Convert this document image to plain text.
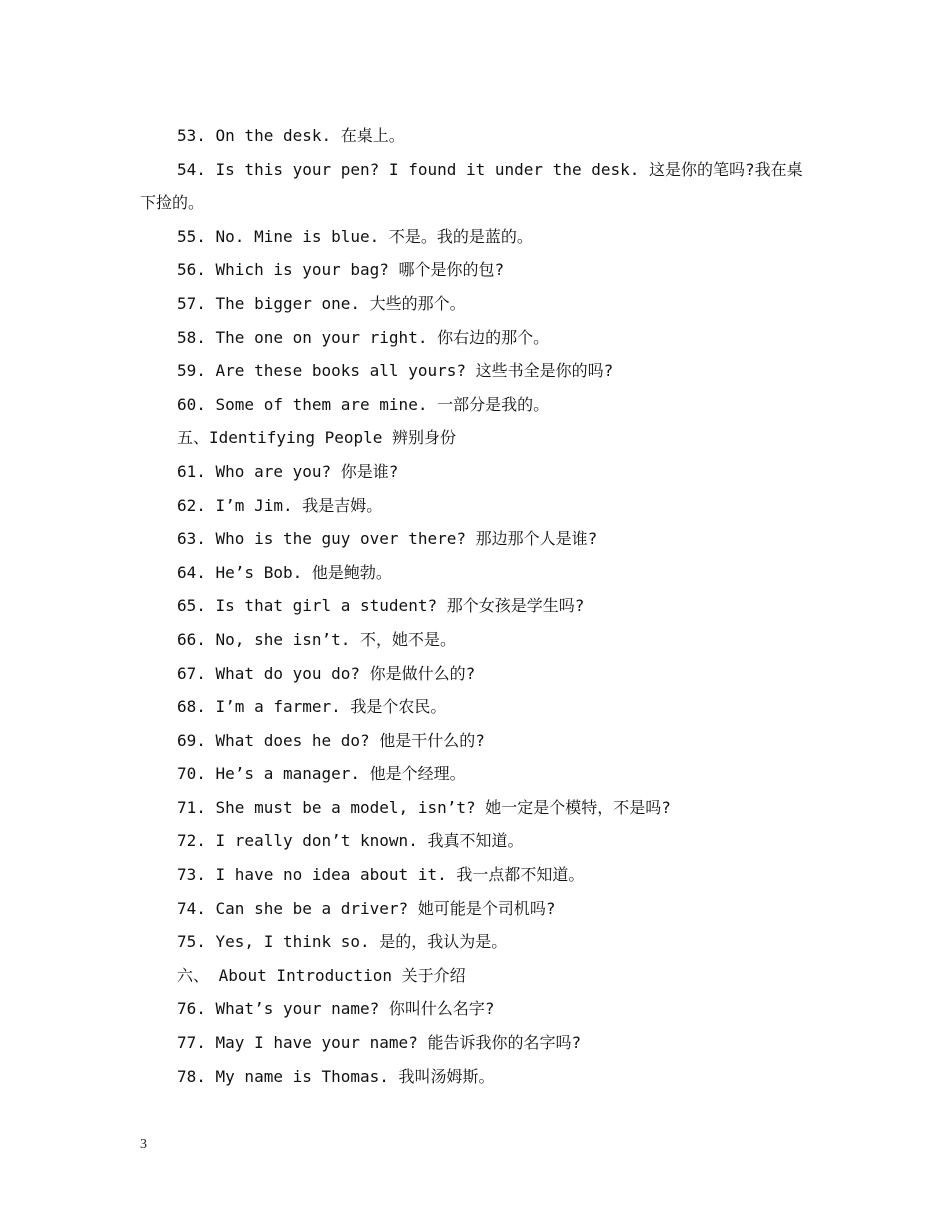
53. On the desk. 在桌上。
54. Is this your pen? I found it under the desk. 这是你的笔吗?我在桌
下捡的。
55. No. Mine is blue. 不是。我的是蓝的。
56. Which is your bag? 哪个是你的包?
57. The bigger one. 大些的那个。
58. The one on your right. 你右边的那个。
59. Are these books all yours? 这些书全是你的吗?
60. Some of them are mine. 一部分是我的。
五、Identifying People 辨别身份
61. Who are you? 你是谁?
62. I’m Jim. 我是吉姆。
63. Who is the guy over there? 那边那个人是谁?
64. He’s Bob. 他是鲍勃。
65. Is that girl a student? 那个女孩是学生吗?
66. No, she isn’t. 不，她不是。
67. What do you do? 你是做什么的?
68. I’m a farmer. 我是个农民。
69. What does he do? 他是干什么的?
70. He’s a manager. 他是个经理。
71. She must be a model, isn’t? 她一定是个模特，不是吗?
72. I really don’t known. 我真不知道。
73. I have no idea about it. 我一点都不知道。
74. Can she be a driver? 她可能是个司机吗?
75. Yes, I think so. 是的，我认为是。
六、 About Introduction 关于介绍
76. What’s your name? 你叫什么名字?
77. May I have your name? 能告诉我你的名字吗?
78. My name is Thomas. 我叫汤姆斯。
3
